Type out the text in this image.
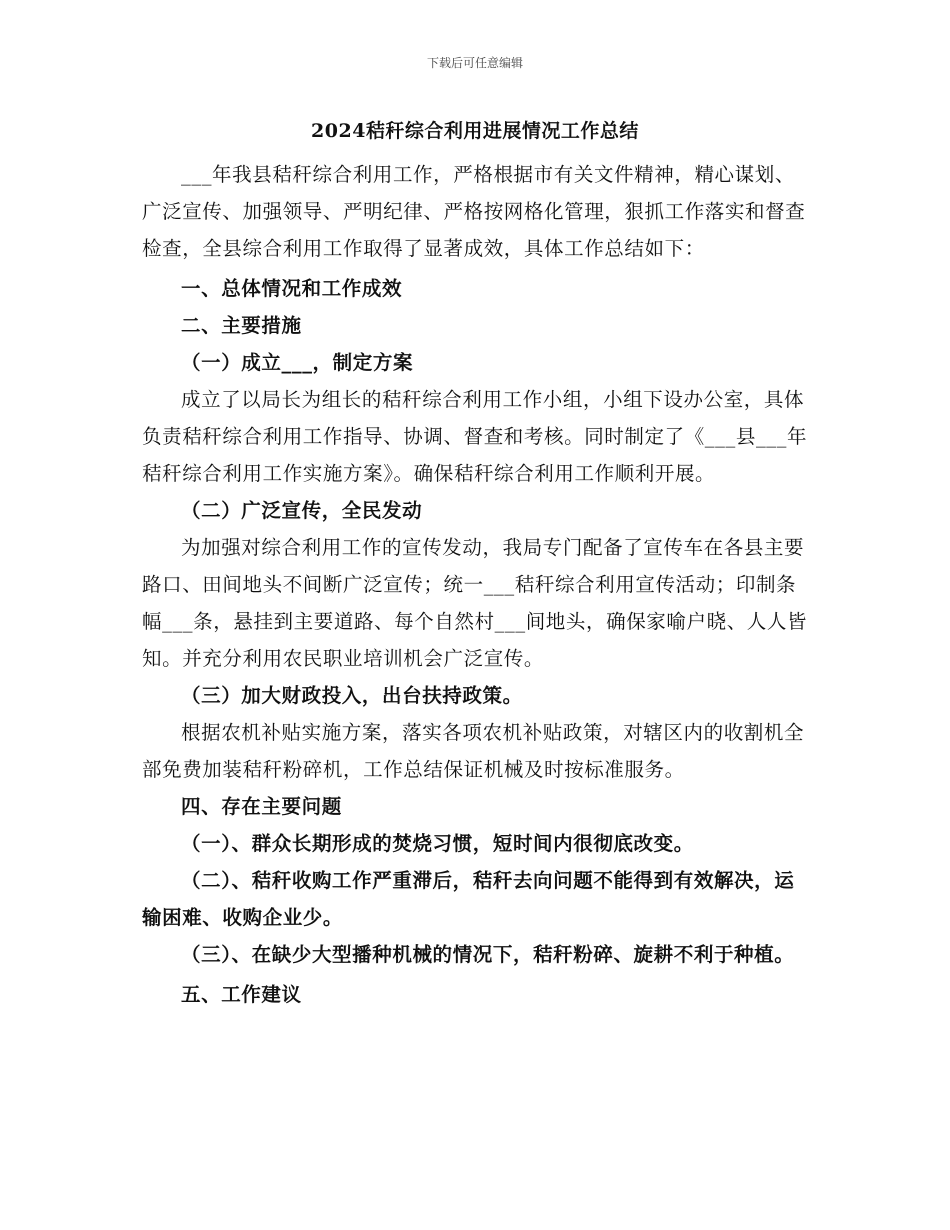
下载后可任意编辑
2024秸秆综合利用进展情况工作总结

___年我县秸秆综合利用工作，严格根据市有关文件精神，精心谋划、广泛宣传、加强领导、严明纪律、严格按网格化管理，狠抓工作落实和督查检查，全县综合利用工作取得了显著成效，具体工作总结如下：

一、总体情况和工作成效

二、主要措施

（一）成立___，制定方案

成立了以局长为组长的秸秆综合利用工作小组，小组下设办公室，具体负责秸秆综合利用工作指导、协调、督查和考核。同时制定了《___县___年秸秆综合利用工作实施方案》。确保秸秆综合利用工作顺利开展。

（二）广泛宣传，全民发动

为加强对综合利用工作的宣传发动，我局专门配备了宣传车在各县主要路口、田间地头不间断广泛宣传；统一___秸秆综合利用宣传活动；印制条幅___条，悬挂到主要道路、每个自然村___间地头，确保家喻户晓、人人皆知。并充分利用农民职业培训机会广泛宣传。

（三）加大财政投入，出台扶持政策。

根据农机补贴实施方案，落实各项农机补贴政策，对辖区内的收割机全部免费加装秸秆粉碎机，工作总结保证机械及时按标准服务。

四、存在主要问题

（一）、群众长期形成的焚烧习惯，短时间内很彻底改变。

（二）、秸秆收购工作严重滞后，秸秆去向问题不能得到有效解决，运输困难、收购企业少。

（三）、在缺少大型播种机械的情况下，秸秆粉碎、旋耕不利于种植。

五、工作建议
